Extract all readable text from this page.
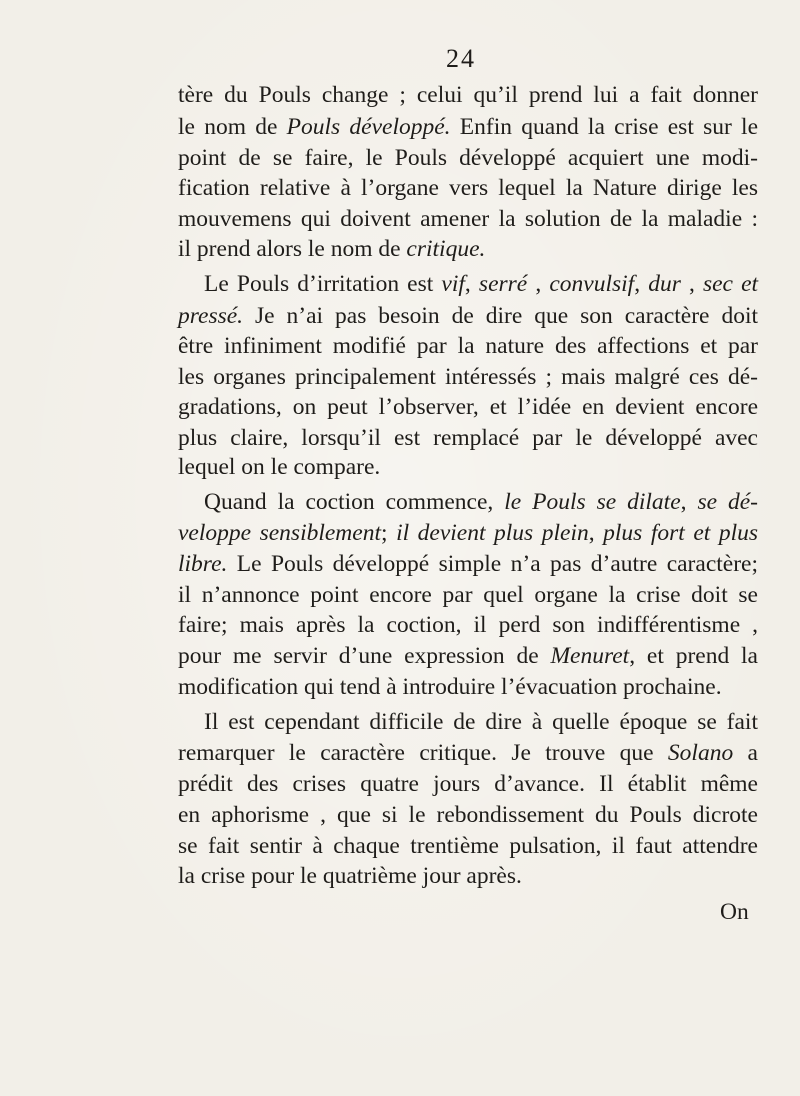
24
tère du Pouls change ; celui qu’il prend lui a fait donner
le nom de Pouls développé. Enfin quand la crise est sur le
point de se faire, le Pouls développé acquiert une modi-
fication relative à l’organe vers lequel la Nature dirige les
mouvemens qui doivent amener la solution de la maladie :
il prend alors le nom de critique.
Le Pouls d’irritation est vif, serré , convulsif, dur , sec et
pressé. Je n’ai pas besoin de dire que son caractère doit
être infiniment modifié par la nature des affections et par
les organes principalement intéressés ; mais malgré ces dé-
gradations, on peut l’observer, et l’idée en devient encore
plus claire, lorsqu’il est remplacé par le développé avec
lequel on le compare.
Quand la coction commence, le Pouls se dilate, se dé-
veloppe sensiblement; il devient plus plein, plus fort et plus
libre. Le Pouls développé simple n’a pas d’autre caractère;
il n’annonce point encore par quel organe la crise doit se
faire; mais après la coction, il perd son indifférentisme ,
pour me servir d’une expression de Menuret, et prend la
modification qui tend à introduire l’évacuation prochaine.
Il est cependant difficile de dire à quelle époque se fait
remarquer le caractère critique. Je trouve que Solano a
prédit des crises quatre jours d’avance. Il établit même
en aphorisme , que si le rebondissement du Pouls dicrote
se fait sentir à chaque trentième pulsation, il faut attendre
la crise pour le quatrième jour après.
On
